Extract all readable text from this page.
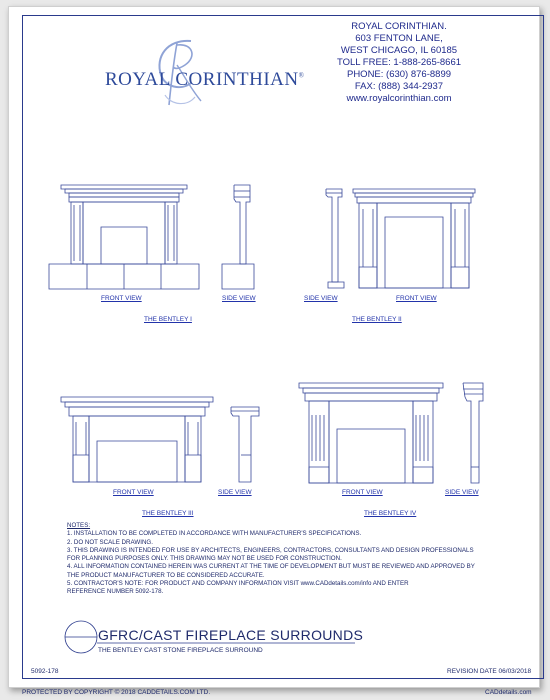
ROYAL CORINTHIAN®
ROYAL CORINTHIAN.
603 FENTON LANE,
WEST CHICAGO, IL 60185
TOLL FREE: 1-888-265-8661
PHONE: (630) 876-8899
FAX: (888) 344-2937
www.royalcorinthian.com
FRONT VIEW	SIDE VIEW
THE BENTLEY I
SIDE VIEW	FRONT VIEW
THE BENTLEY II
FRONT VIEW	SIDE VIEW
THE BENTLEY III
FRONT VIEW	SIDE VIEW
THE BENTLEY IV
NOTES:
1. INSTALLATION TO BE COMPLETED IN ACCORDANCE WITH MANUFACTURER'S SPECIFICATIONS.
2. DO NOT SCALE DRAWING.
3. THIS DRAWING IS INTENDED FOR USE BY ARCHITECTS, ENGINEERS, CONTRACTORS, CONSULTANTS AND DESIGN PROFESSIONALS
FOR PLANNING PURPOSES ONLY. THIS DRAWING MAY NOT BE USED FOR CONSTRUCTION.
4. ALL INFORMATION CONTAINED HEREIN WAS CURRENT AT THE TIME OF DEVELOPMENT BUT MUST BE REVIEWED AND APPROVED BY
THE PRODUCT MANUFACTURER TO BE CONSIDERED ACCURATE.
5. CONTRACTOR'S NOTE: FOR PRODUCT AND COMPANY INFORMATION VISIT www.CADdetails.com/info AND ENTER
REFERENCE NUMBER 5092-178.
GFRC/CAST FIREPLACE SURROUNDS
THE BENTLEY CAST STONE FIREPLACE SURROUND
5092-178	REVISION DATE 06/03/2018
PROTECTED BY COPYRIGHT © 2018 CADDETAILS.COM LTD.	CADdetails.com
